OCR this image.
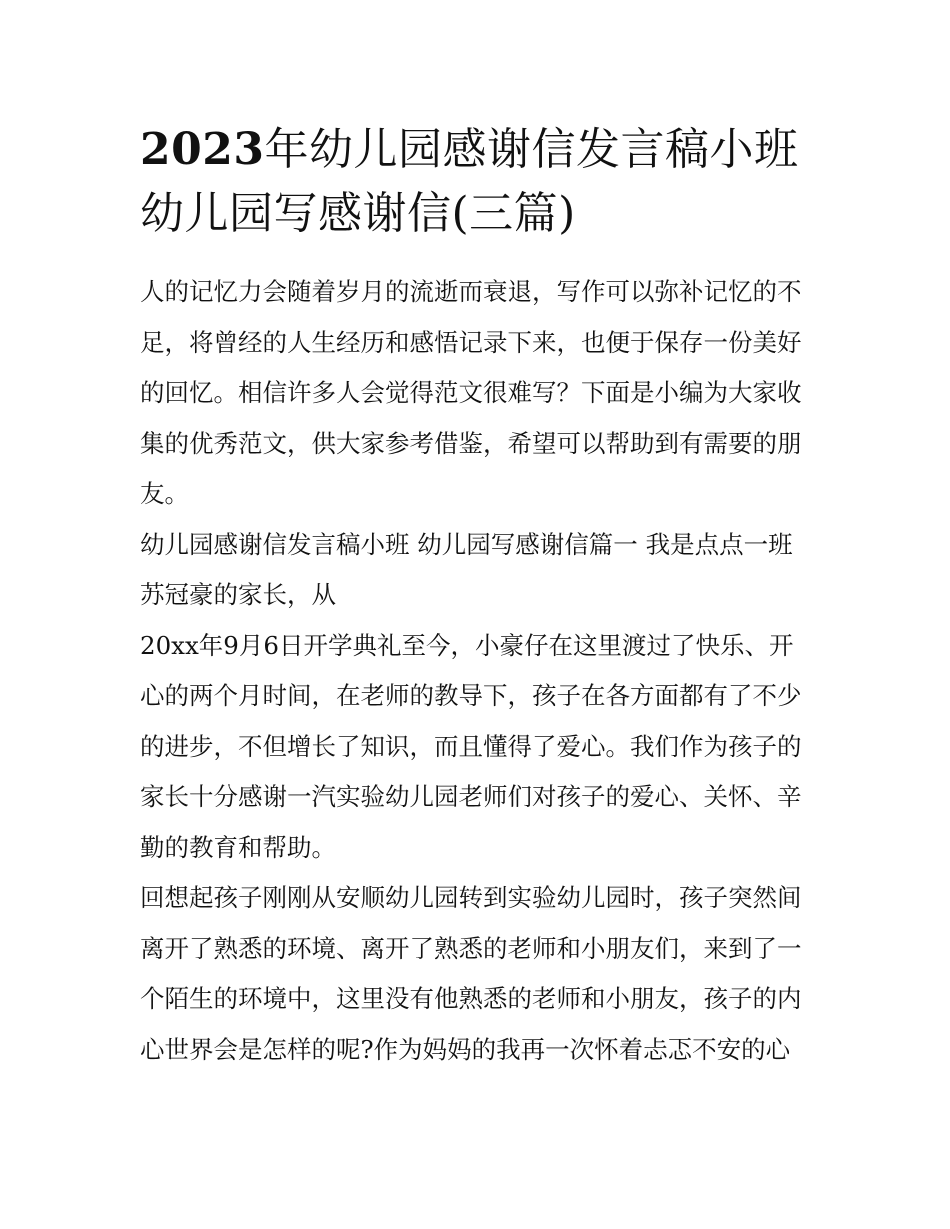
2023年幼儿园感谢信发言稿小班 幼儿园写感谢信(三篇)

人的记忆力会随着岁月的流逝而衰退，写作可以弥补记忆的不足，将曾经的人生经历和感悟记录下来，也便于保存一份美好的回忆。相信许多人会觉得范文很难写？下面是小编为大家收集的优秀范文，供大家参考借鉴，希望可以帮助到有需要的朋友。

幼儿园感谢信发言稿小班 幼儿园写感谢信篇一 我是点点一班苏冠豪的家长，从

20xx年9月6日开学典礼至今，小豪仔在这里渡过了快乐、开心的两个月时间，在老师的教导下，孩子在各方面都有了不少的进步，不但增长了知识，而且懂得了爱心。我们作为孩子的家长十分感谢一汽实验幼儿园老师们对孩子的爱心、关怀、辛勤的教育和帮助。

回想起孩子刚刚从安顺幼儿园转到实验幼儿园时，孩子突然间离开了熟悉的环境、离开了熟悉的老师和小朋友们，来到了一个陌生的环境中，这里没有他熟悉的老师和小朋友，孩子的内心世界会是怎样的呢?作为妈妈的我再一次怀着忐忑不安的心
